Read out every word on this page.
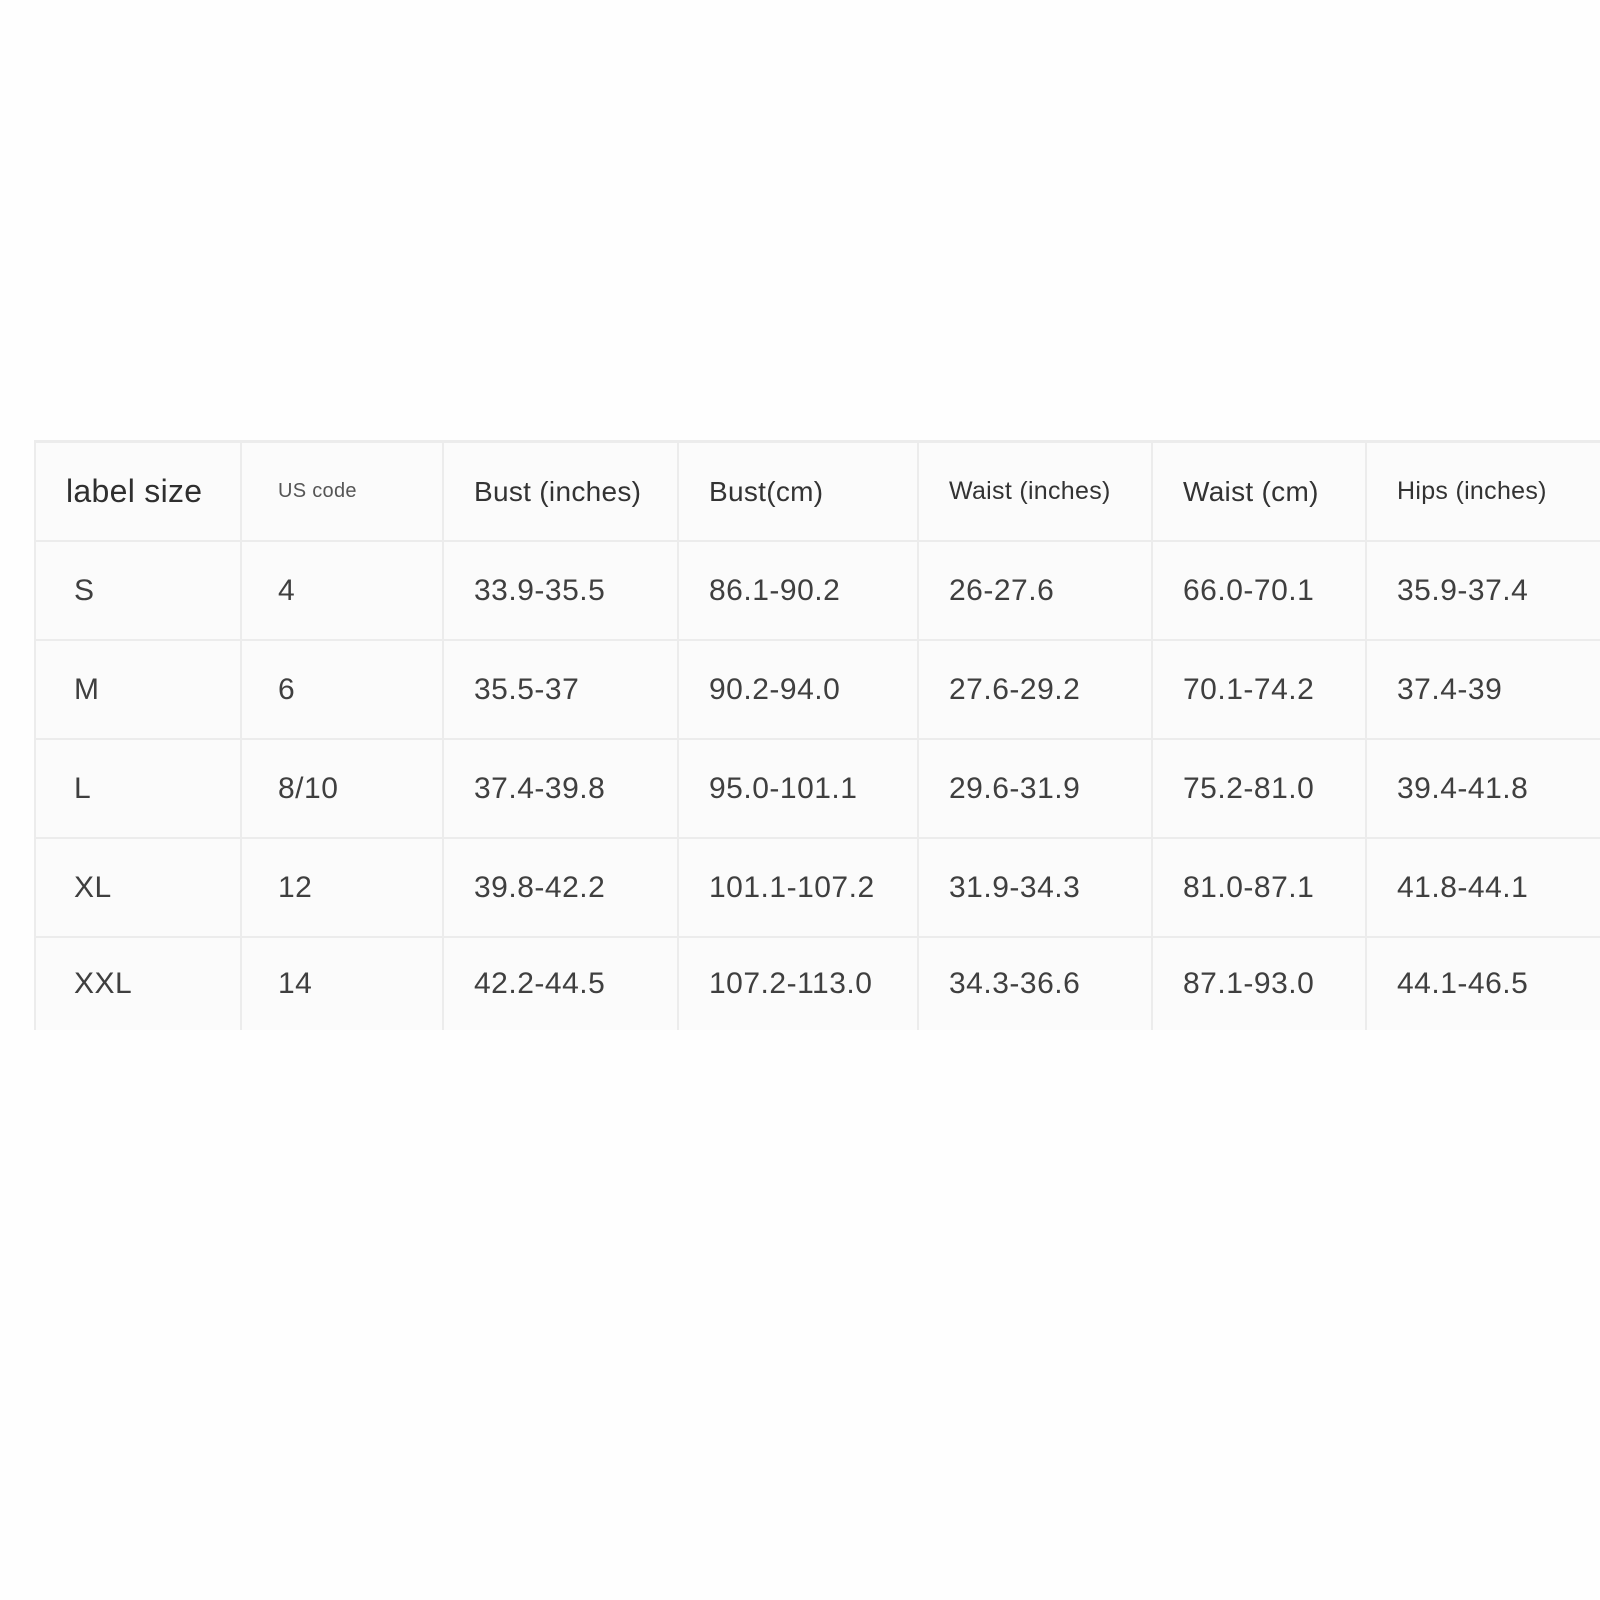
label size	US code	Bust (inches)	Bust(cm)	Waist (inches)	Waist (cm)	Hips (inches)
S	4	33.9-35.5	86.1-90.2	26-27.6	66.0-70.1	35.9-37.4
M	6	35.5-37	90.2-94.0	27.6-29.2	70.1-74.2	37.4-39
L	8/10	37.4-39.8	95.0-101.1	29.6-31.9	75.2-81.0	39.4-41.8
XL	12	39.8-42.2	101.1-107.2	31.9-34.3	81.0-87.1	41.8-44.1
XXL	14	42.2-44.5	107.2-113.0	34.3-36.6	87.1-93.0	44.1-46.5
